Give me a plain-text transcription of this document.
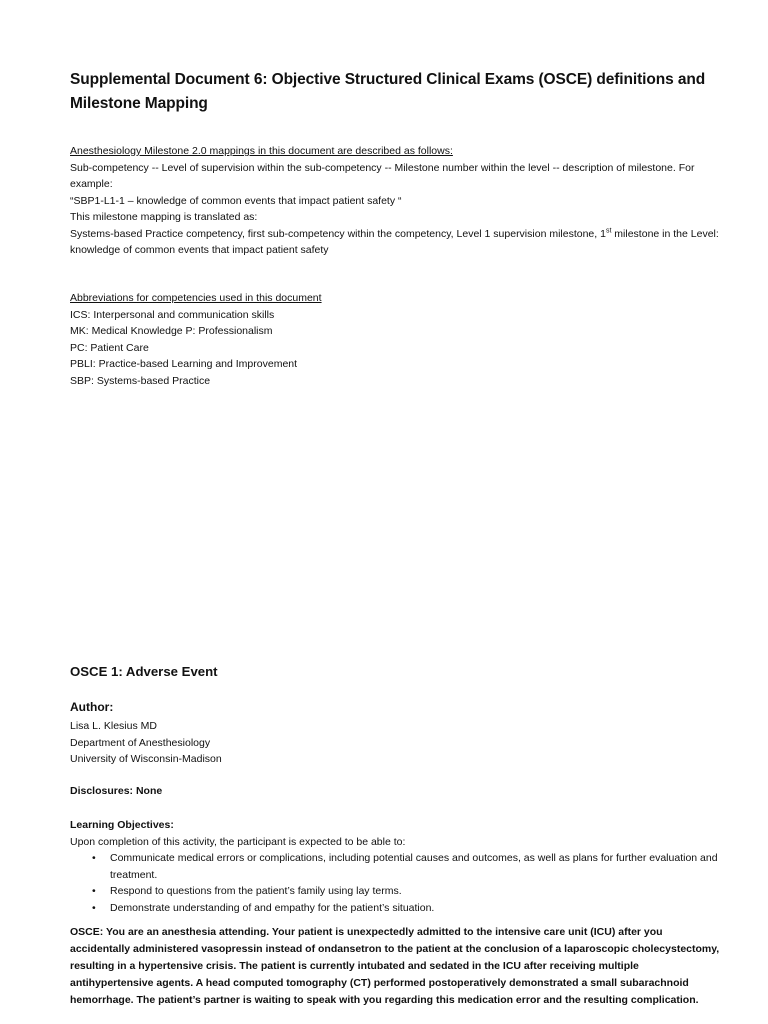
Supplemental Document 6: Objective Structured Clinical Exams (OSCE) definitions and Milestone Mapping
Anesthesiology Milestone 2.0 mappings in this document are described as follows:
Sub-competency -- Level of supervision within the sub-competency -- Milestone number within the level -- description of milestone. For example:
“SBP1-L1-1 – knowledge of common events that impact patient safety “
This milestone mapping is translated as:
Systems-based Practice competency, first sub-competency within the competency, Level 1 supervision milestone, 1st milestone in the Level: knowledge of common events that impact patient safety
Abbreviations for competencies used in this document
ICS: Interpersonal and communication skills
MK: Medical Knowledge P: Professionalism
PC: Patient Care
PBLI: Practice-based Learning and Improvement
SBP: Systems-based Practice
OSCE 1: Adverse Event
Author:
Lisa L. Klesius MD
Department of Anesthesiology
University of Wisconsin-Madison
Disclosures: None
Learning Objectives:
Upon completion of this activity, the participant is expected to be able to:
• Communicate medical errors or complications, including potential causes and outcomes, as well as plans for further evaluation and treatment.
• Respond to questions from the patient’s family using lay terms.
• Demonstrate understanding of and empathy for the patient’s situation.
OSCE: You are an anesthesia attending. Your patient is unexpectedly admitted to the intensive care unit (ICU) after you accidentally administered vasopressin instead of ondansetron to the patient at the conclusion of a laparoscopic cholecystectomy, resulting in a hypertensive crisis. The patient is currently intubated and sedated in the ICU after receiving multiple antihypertensive agents. A head computed tomography (CT) performed postoperatively demonstrated a small subarachnoid hemorrhage. The patient’s partner is waiting to speak with you regarding this medication error and the resulting complication.
